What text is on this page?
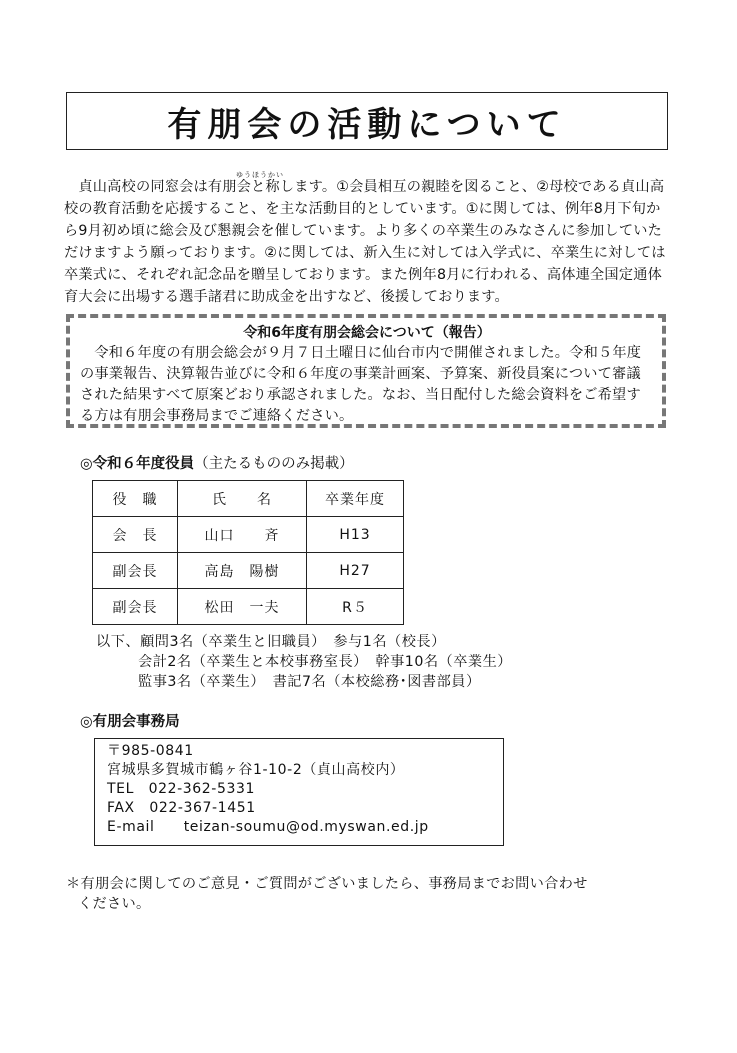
有朋会の活動について
ゆうほうかい

　貞山高校の同窓会は有朋会と称します。①会員相互の親睦を図ること、②母校である貞山高校の教育活動を応援すること、を主な活動目的としています。①に関しては、例年8月下旬から9月初め頃に総会及び懇親会を催しています。より多くの卒業生のみなさんに参加していただけますよう願っております。②に関しては、新入生に対しては入学式に、卒業生に対しては卒業式に、それぞれ記念品を贈呈しております。また例年8月に行われる、高体連全国定通体育大会に出場する選手諸君に助成金を出すなど、後援しております。

令和6年度有朋会総会について（報告）

　令和６年度の有朋会総会が９月７日土曜日に仙台市内で開催されました。令和５年度の事業報告、決算報告並びに令和６年度の事業計画案、予算案、新役員案について審議された結果すべて原案どおり承認されました。なお、当日配付した総会資料をご希望する方は有朋会事務局までご連絡ください。

◎令和６年度役員（主たるもののみ掲載）
役　職	氏　　名	卒業年度
会　長	山口　　斉	H13
副会長	高島　陽樹	H27
副会長	松田　一夫	R５
以下、顧問3名（卒業生と旧職員）　参与1名（校長）
会計2名（卒業生と本校事務室長）　幹事10名（卒業生）
監事3名（卒業生）　書記7名（本校総務･図書部員）
◎有朋会事務局
〒985-0841
宮城県多賀城市鶴ヶ谷1-10-2（貞山高校内）
TEL　022-362-5331
FAX　022-367-1451
E-mail　　teizan-soumu@od.myswan.ed.jp
＊有朋会に関してのご意見・ご質問がございましたら、事務局までお問い合わせ
ください。
